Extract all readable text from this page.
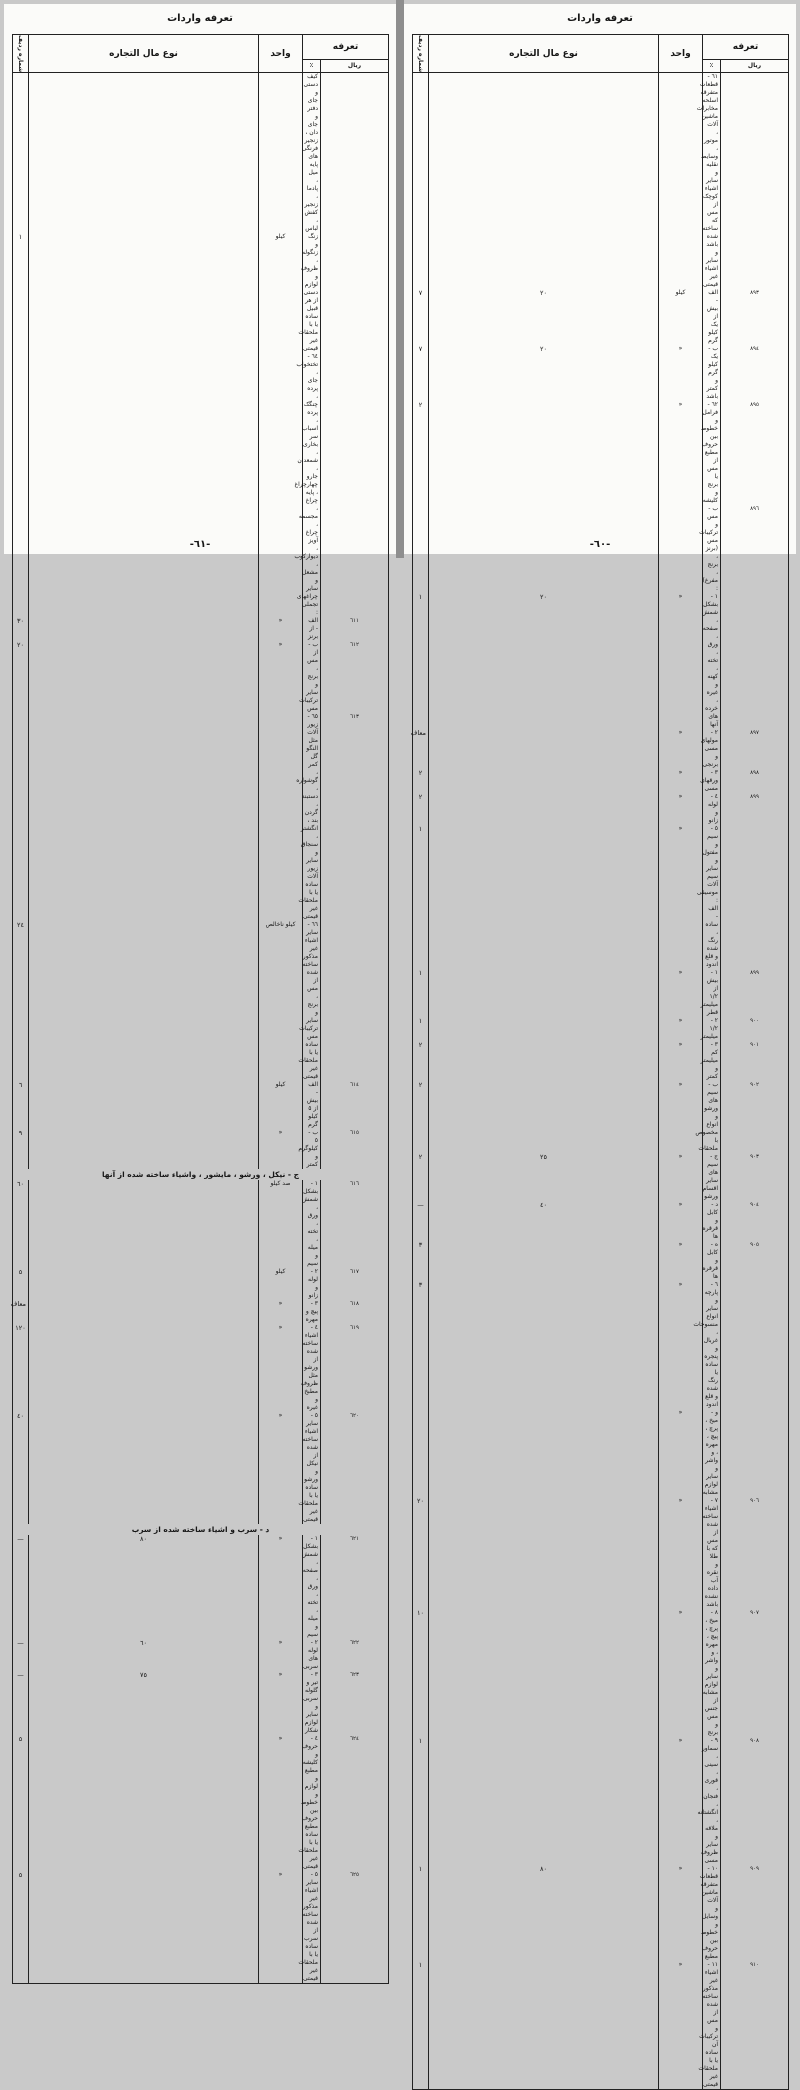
تعرفه واردات
تعرفه		واحد	نوع مال التجاره	شماره ردیف

ریال	٪			
	کیف دستی و جای دفتر و جای دان ، زنجیر فرنگی های پایه میل ، پادما ، زنجیر کفش ، لباس			
	زنگ و زنگوله ، ظروف و لوازم دستی از هر قبیل ساده یا با ملحقات غیر قیمتی	کیلو		١
	٦٤ - تختخواب ، جای پرده ، چنگک پرده ، اسباب سر بخاری ، شمعدان ، جارو			
	چهارچراغ ، پایه چراغ ، مجسمه ، چراغ آویز ، دیوارکوب ، مشعل و سایر			
	چراغهای تجملی :			
٦١١	الف - از برنز	«		٣٠
٦١٢	ب - از مس ، برنج و سایر ترکیبات مس	«		٢٠
٦١٣	٦٥ - زیور آلات مثل النگو گل کمر ، گوشواره ، دستبند ، گردن بند ، انگشتر ، سنجاق و سایر زیور آلات ساده یا با ملحقات غیر قیمتی			
	٦٦ - سایر اشیاء غیر مذکور ساخته شده از مس ، برنج و سایر ترکیبات مس ساده یا با ملحقات غیر قیمتی	کیلو ناخالص		٢٤
٦١٤	الف - بیش از ٥ کیلو گرم	کیلو		٦
٦١٥	ب - ٥ کیلوگرم و کمتر	«		٩
ج - نیکل ، ورشو ، مایشور ، واشیاء ساخته شده از آنها				
٦١٦	١ - بشکل شمش ، ورق ، تخته ، میله و سیم	صد کیلو		٦٠
٦١٧	٢ - لوله و زانو	کیلو		٥
٦١٨	٣ - پیچ و مهره	«		معاف
٦١٩	٤ - اشیاء ساخته شده از ورشو مثل ظروف مطبخ و غیره	«		١٢٠
٦٢٠	٥ - سایر اشیاء ساخته شده از نیکل و ورشو ساده یا با ملحقات غیر قیمتی	«		٤٠
د - سرب و اشیاء ساخته شده از سرب				
٦٢١	١ - بشکل شمش ، صفحه ، ورق ، تخته ، میله و سیم	«	٨٠	—
٦٢٢	٢ - لوله های سربی	«	٦٠	—
٦٢٣	٣ - تیر و گلوله سربی و سایر لوازم شکار	«	٧٥	—
٦٢٤	٤ - حروف و کلیشه مطبع و لوازم و خطوط بین حروف مطبع ساده یا با ملحقات غیر قیمتی	«		٥
٦٢٥	٥ - سایر اشیاء غیر مذکور ساخته شده از سرب ساده یا با ملحقات غیر قیمتی	«		٥

-٦١-
تعرفه واردات
تعرفه		واحد	نوع مال التجاره	شماره ردیف

ریال	٪			
	٦١ - قطعات متفرقه اسلحه مخابرات ماشین آلات ، موتور ، وسایط نقلیه و سایر			
	اشیاء کوچک از مس که ساخته شده باشد و سایر اشیاء غیر قیمتی			
٨٩٣	الف - بیش از یک کیلو گرم	کیلو	٢٠	٧
٨٩٤	ب - یک کیلو گرم و کمتر باشد	«	٢٠	٧
٨٩٥	٦٢ - فرامل و خطوط بین حروف مطبع از مس یا برنج و کلیشه	«		٢
٨٩٦	ب - مس و ترکیبات مس (برنز ، برنج ، مفرغ) :			
	١ - بشکل شمش ، صفحه ، ورق ، تخته ، کهنه و غیره ، خرده های آنها	«	٢٠	١
٨٩٧	٢ - مولهای مسی و برنجی	«		معاف
٨٩٨	٣ - ورقهای مسی	«		٢
٨٩٩	٤ - لوله و زانو	«		٢
	٥ - سیم و مفتول و سایر سیم آلات موسیقی :	«		١
	الف - ساده ، رنگ شده و قلع اندود			
٨٩٩	١ - بیش از ١/٢ میلیمتر قطر	«		١
٩٠٠	٢ - ١/٢ میلیمتر	«		١
٩٠١	٣ - کم میلیمتر و کمتر	«		٢
٩٠٢	ب - سیم های ورشو و انواع مخصوص با ملحقات	«		٢
٩٠٣	ج - سیم های سایر اقسام ورشو	«	٢٥	٢
٩٠٤	د - کابل و قرقره ها	«	٤٠	—
٩٠٥	ه - کابل و قرقره ها	«		٣
	٦ - پارچه و سایر انواع منسوجات ، غربال و پنجره ساده یا رنگ شده و قلع اندود	«		٣
	و - میخ ، پرچ ، پیچ ، مهره ، و واشر و سایر لوازم مشابه	«		
٩٠٦	٧ - اشیاء ساخته شده از مس که با طلا و نقره آب داده نشده باشد	«		٢٠
٩٠٧	٨ - میخ ، پرچ ، پیچ ، مهره ، و واشر و سایر لوازم مشابه از جنس مس و برنج	«		١٠
٩٠٨	٩ - سماور ، سینی ، قوری ، فنجان ، انگشتانه ، ملاقه و سایر ظروف مسی	«		١
٩٠٩	١٠ - قطعات متفرقه ماشین آلات و وسایل و خطوط بین حروف مطبع	«	٨٠	١
٩١٠	١١ - اشیاء غیر مذکور ساخته شده از مس و ترکیبات آن ساده یا با ملحقات غیر قیمتی	«		١

-٦٠-
